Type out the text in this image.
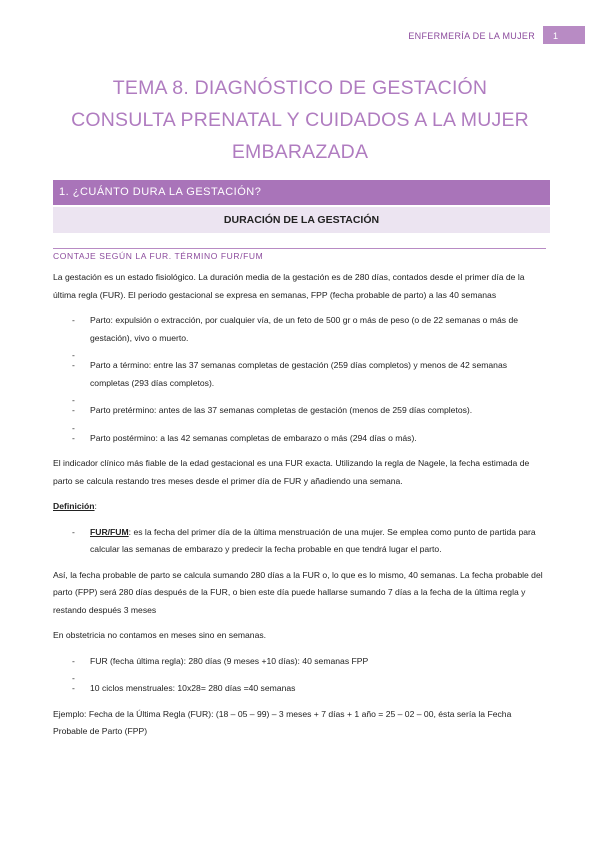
ENFERMERÍA DE LA MUJER	1
TEMA 8. DIAGNÓSTICO DE GESTACIÓN
CONSULTA PRENATAL Y CUIDADOS A LA MUJER
EMBARAZADA
1. ¿CUÁNTO DURA LA GESTACIÓN?
DURACIÓN DE LA GESTACIÓN
CONTAJE SEGÚN LA FUR. TÉRMINO FUR/FUM

La gestación es un estado fisiológico. La duración media de la gestación es de 280 días, contados desde el primer día de la última regla (FUR). El periodo gestacional se expresa en semanas, FPP (fecha probable de parto) a las 40 semanas

- Parto: expulsión o extracción, por cualquier vía, de un feto de 500 gr o más de peso (o de 22 semanas o más de gestación), vivo o muerto.
-
- Parto a término: entre las 37 semanas completas de gestación (259 días completos) y menos de 42 semanas completas (293 días completos).
-
- Parto pretérmino: antes de las 37 semanas completas de gestación (menos de 259 días completos).
-
- Parto postérmino: a las 42 semanas completas de embarazo o más (294 días o más).

El indicador clínico más fiable de la edad gestacional es una FUR exacta. Utilizando la regla de Nagele, la fecha estimada de parto se calcula restando tres meses desde el primer día de FUR y añadiendo una semana.

Definición:

- FUR/FUM: es la fecha del primer día de la última menstruación de una mujer. Se emplea como punto de partida para calcular las semanas de embarazo y predecir la fecha probable en que tendrá lugar el parto.

Así, la fecha probable de parto se calcula sumando 280 días a la FUR o, lo que es lo mismo, 40 semanas. La fecha probable del parto (FPP) será 280 días después de la FUR, o bien este día puede hallarse sumando 7 días a la fecha de la última regla y restando después 3 meses

En obstetricia no contamos en meses sino en semanas.

- FUR (fecha última regla): 280 días (9 meses +10 días): 40 semanas FPP
-
- 10 ciclos menstruales: 10x28= 280 días =40 semanas

Ejemplo: Fecha de la Última Regla (FUR): (18 – 05 – 99) – 3 meses + 7 días + 1 año = 25 – 02 – 00, ésta sería la Fecha Probable de Parto (FPP)
